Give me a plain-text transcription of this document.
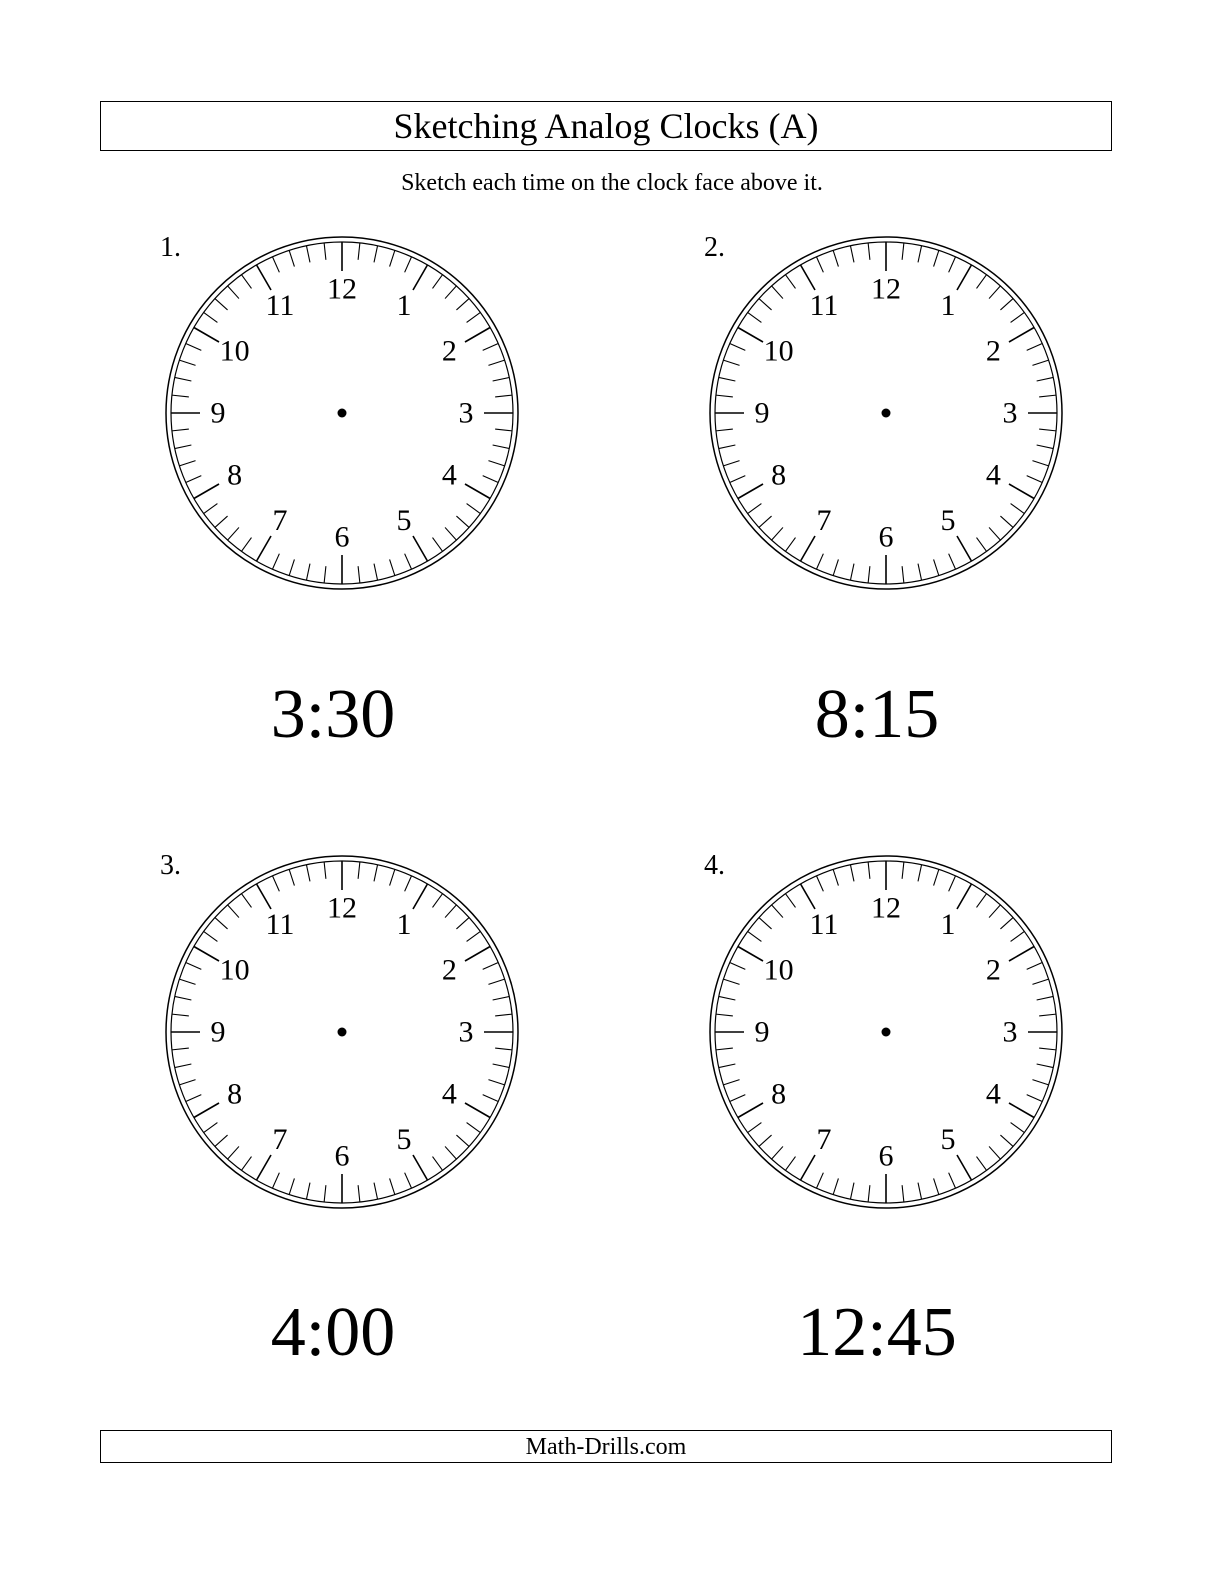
Sketching Analog Clocks (A)
Sketch each time on the clock face above it.
1.
12
1
2
3
4
5
6
7
8
9
10
11
3:30
2.
12
1
2
3
4
5
6
7
8
9
10
11
8:15
3.
12
1
2
3
4
5
6
7
8
9
10
11
4:00
4.
12
1
2
3
4
5
6
7
8
9
10
11
12:45
Math-Drills.com
